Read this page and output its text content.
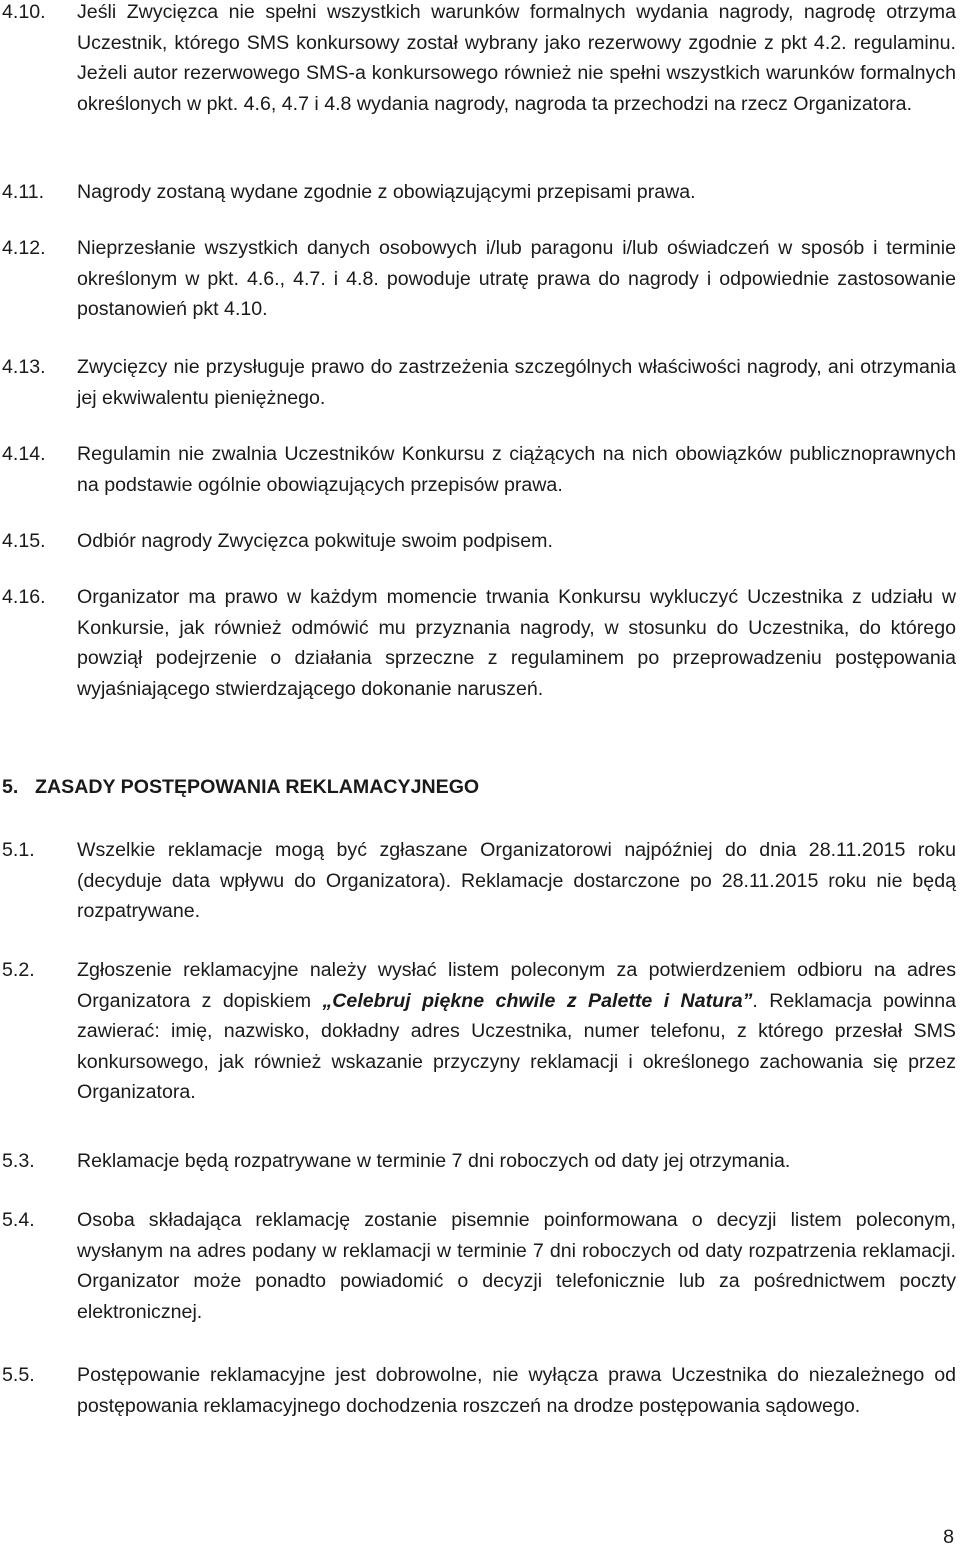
4.10. Jeśli Zwycięzca nie spełni wszystkich warunków formalnych wydania nagrody, nagrodę otrzyma Uczestnik, którego SMS konkursowy został wybrany jako rezerwowy zgodnie z pkt 4.2. regulaminu. Jeżeli autor rezerwowego SMS-a konkursowego również nie spełni wszystkich warunków formalnych określonych w pkt. 4.6, 4.7 i 4.8 wydania nagrody, nagroda ta przechodzi na rzecz Organizatora.

4.11. Nagrody zostaną wydane zgodnie z obowiązującymi przepisami prawa.

4.12. Nieprzesłanie wszystkich danych osobowych i/lub paragonu i/lub oświadczeń w sposób i terminie określonym w pkt. 4.6., 4.7. i 4.8. powoduje utratę prawa do nagrody i odpowiednie zastosowanie postanowień pkt 4.10.

4.13. Zwycięzcy nie przysługuje prawo do zastrzeżenia szczególnych właściwości nagrody, ani otrzymania jej ekwiwalentu pieniężnego.

4.14. Regulamin nie zwalnia Uczestników Konkursu z ciążących na nich obowiązków publicznoprawnych na podstawie ogólnie obowiązujących przepisów prawa.

4.15. Odbiór nagrody Zwycięzca pokwituje swoim podpisem.

4.16. Organizator ma prawo w każdym momencie trwania Konkursu wykluczyć Uczestnika z udziału w Konkursie, jak również odmówić mu przyznania nagrody, w stosunku do Uczestnika, do którego powziął podejrzenie o działania sprzeczne z regulaminem po przeprowadzeniu postępowania wyjaśniającego stwierdzającego dokonanie naruszeń.

5. ZASADY POSTĘPOWANIA REKLAMACYJNEGO
5.1. Wszelkie reklamacje mogą być zgłaszane Organizatorowi najpóźniej do dnia 28.11.2015 roku (decyduje data wpływu do Organizatora). Reklamacje dostarczone po 28.11.2015 roku nie będą rozpatrywane.

5.2. Zgłoszenie reklamacyjne należy wysłać listem poleconym za potwierdzeniem odbioru na adres Organizatora z dopiskiem „Celebruj piękne chwile z Palette i Natura”. Reklamacja powinna zawierać: imię, nazwisko, dokładny adres Uczestnika, numer telefonu, z którego przesłał SMS konkursowego, jak również wskazanie przyczyny reklamacji i określonego zachowania się przez Organizatora.

5.3. Reklamacje będą rozpatrywane w terminie 7 dni roboczych od daty jej otrzymania.

5.4. Osoba składająca reklamację zostanie pisemnie poinformowana o decyzji listem poleconym, wysłanym na adres podany w reklamacji w terminie 7 dni roboczych od daty rozpatrzenia reklamacji. Organizator może ponadto powiadomić o decyzji telefonicznie lub za pośrednictwem poczty elektronicznej.

5.5. Postępowanie reklamacyjne jest dobrowolne, nie wyłącza prawa Uczestnika do niezależnego od postępowania reklamacyjnego dochodzenia roszczeń na drodze postępowania sądowego.

8
